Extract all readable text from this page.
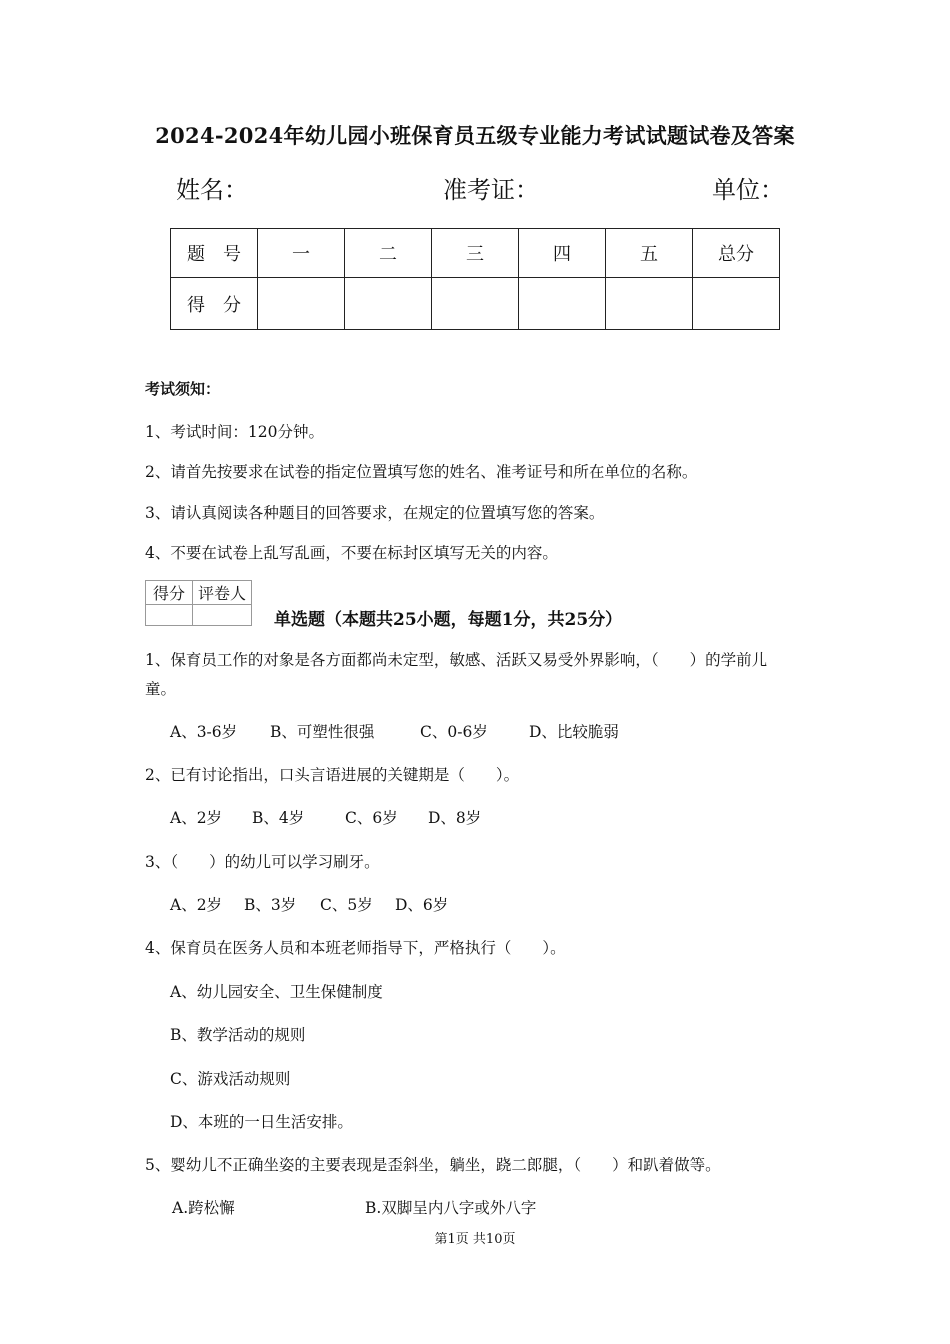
2024-2024年幼儿园小班保育员五级专业能力考试试题试卷及答案
姓名：	准考证：	单位：
题　号	一	二	三	四	五	总分
得　分						
考试须知：
1、考试时间：120分钟。
2、请首先按要求在试卷的指定位置填写您的姓名、准考证号和所在单位的名称。
3、请认真阅读各种题目的回答要求，在规定的位置填写您的答案。
4、不要在试卷上乱写乱画，不要在标封区填写无关的内容。
得分	评卷人

单选题（本题共25小题，每题1分，共25分）
1、保育员工作的对象是各方面都尚未定型，敏感、活跃又易受外界影响，（　　）的学前儿
童。
A、3-6岁 B、可塑性很强	C、0-6岁	D、比较脆弱
2、已有讨论指出，口头言语进展的关键期是（　　）。
A、2岁 B、4岁	C、6岁 D、8岁
3、（　　）的幼儿可以学习刷牙。
A、2岁 B、3岁 C、5岁 D、6岁
4、保育员在医务人员和本班老师指导下，严格执行（　　）。
A、幼儿园安全、卫生保健制度
B、教学活动的规则
C、游戏活动规则
D、本班的一日生活安排。
5、婴幼儿不正确坐姿的主要表现是歪斜坐，躺坐，跷二郎腿，（　　）和趴着做等。
A.跨松懈	B.双脚呈内八字或外八字
第1页 共10页
